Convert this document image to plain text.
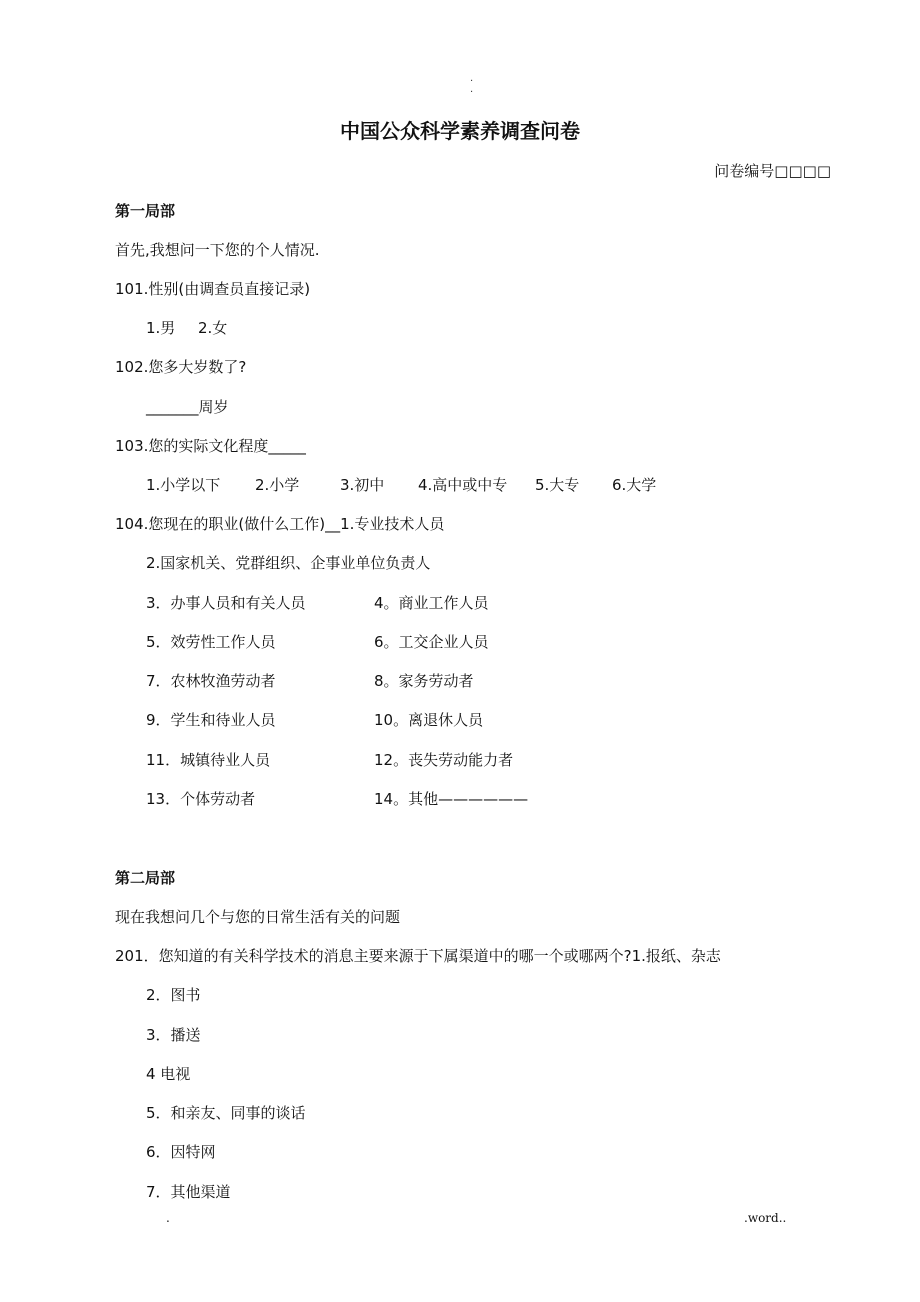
.
.
中国公众科学素养调查问卷
问卷编号□□□□
第一局部
首先,我想问一下您的个人情况.
101.性别(由调查员直接记录)
1.男 2.女
102.您多大岁数了?
_______周岁
103.您的实际文化程度_____
1.小学以下 2.小学	3.初中 4.高中或中专 5.大专 6.大学
104.您现在的职业(做什么工作)__1.专业技术人员
2.国家机关、党群组织、企事业单位负责人
3．办事人员和有关人员	4。商业工作人员
5．效劳性工作人员	6。工交企业人员
7．农林牧渔劳动者	8。家务劳动者
9．学生和待业人员	10。离退休人员
11．城镇待业人员	12。丧失劳动能力者
13．个体劳动者	14。其他——————
第二局部
现在我想问几个与您的日常生活有关的问题
201．您知道的有关科学技术的消息主要来源于下属渠道中的哪一个或哪两个?1.报纸、杂志
2．图书
3．播送
4 电视
5．和亲友、同事的谈话
6．因特网
7．其他渠道
.	.word..
